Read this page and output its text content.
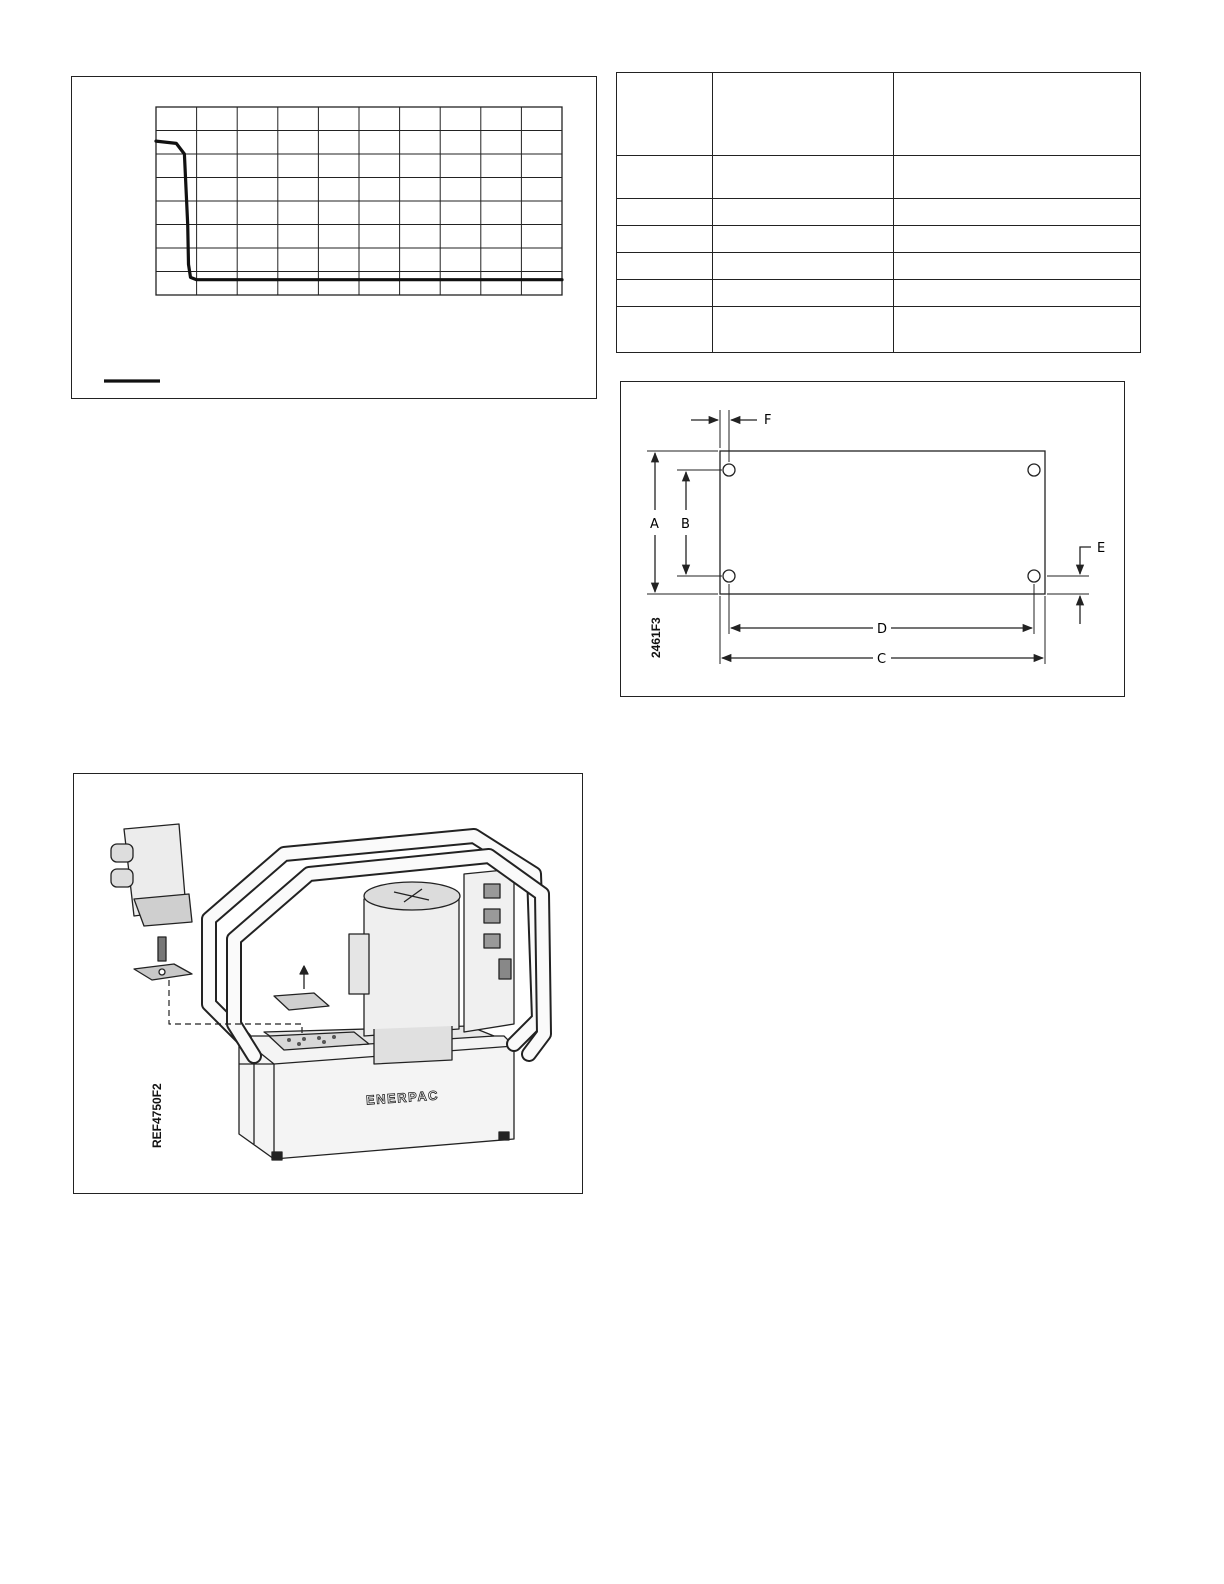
A B
F
D
C
E
2461F3
ENERPAC
REF4750F2
